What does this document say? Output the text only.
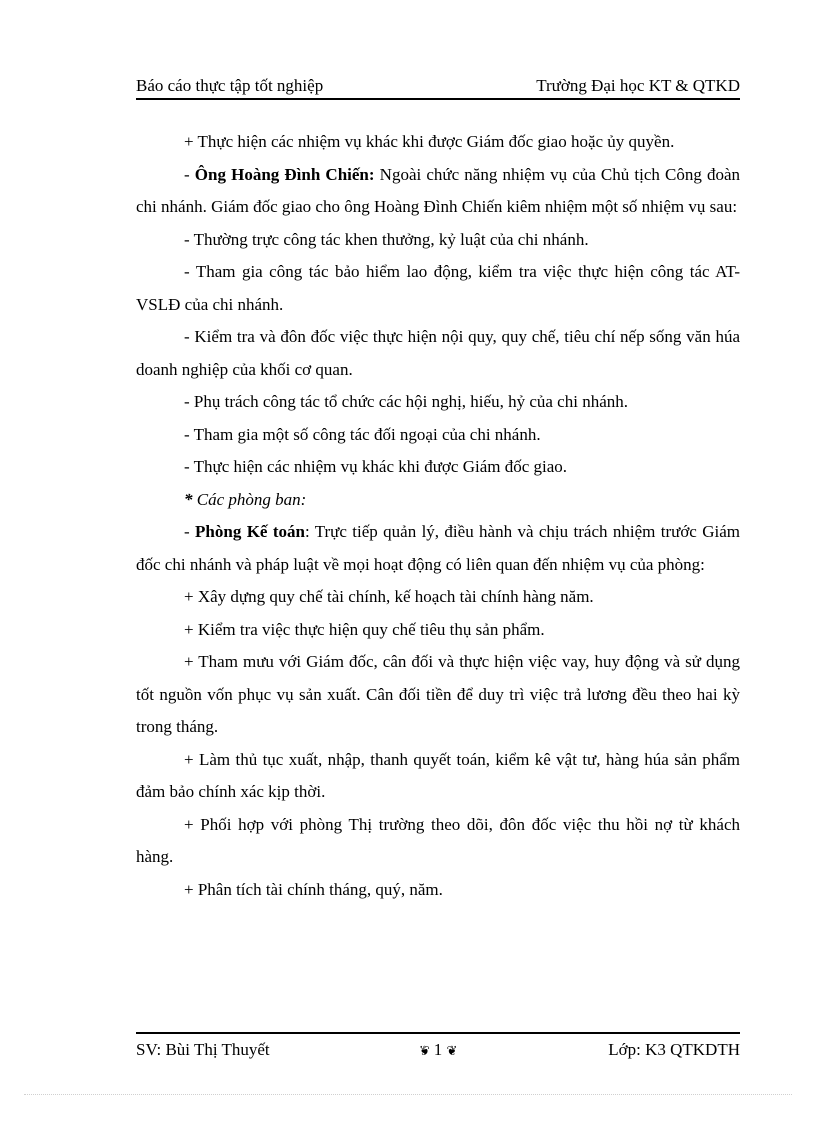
Báo cáo thực tập tốt nghiệp	Trường Đại học KT & QTKD

+ Thực hiện các nhiệm vụ khác khi được Giám đốc giao hoặc ủy quyền.

- Ông Hoàng Đình Chiến: Ngoài chức năng nhiệm vụ của Chủ tịch Công đoàn chi nhánh. Giám đốc giao cho ông Hoàng Đình Chiến kiêm nhiệm một số nhiệm vụ sau:

- Thường trực công tác khen thưởng, kỷ luật của chi nhánh.

- Tham gia công tác bảo hiểm lao động, kiểm tra việc thực hiện công tác AT- VSLĐ của chi nhánh.

- Kiểm tra và đôn đốc việc thực hiện nội quy, quy chế, tiêu chí nếp sống văn húa doanh nghiệp của khối cơ quan.

- Phụ trách công tác tổ chức các hội nghị, hiếu, hỷ của chi nhánh.

- Tham gia một số công tác đối ngoại của chi nhánh.

- Thực hiện các nhiệm vụ khác khi được Giám đốc giao.

* Các phòng ban:

- Phòng Kế toán: Trực tiếp quản lý, điều hành và chịu trách nhiệm trước Giám đốc chi nhánh và pháp luật về mọi hoạt động có liên quan đến nhiệm vụ của phòng:

+ Xây dựng quy chế tài chính, kế hoạch tài chính hàng năm.

+ Kiểm tra việc thực hiện quy chế tiêu thụ sản phẩm.

+ Tham mưu với Giám đốc, cân đối và thực hiện việc vay, huy động và sử dụng tốt nguồn vốn phục vụ sản xuất. Cân đối tiền để duy trì việc trả lương đều theo hai kỳ trong tháng.

+ Làm thủ tục xuất, nhập, thanh quyết toán, kiểm kê vật tư, hàng húa sản phẩm đảm bảo chính xác kịp thời.

+ Phối hợp với phòng Thị trường theo dõi, đôn đốc việc thu hồi nợ từ khách hàng.

+ Phân tích tài chính tháng, quý, năm.

SV: Bùi Thị Thuyết	❦ 1 ❦	Lớp: K3 QTKDTH
